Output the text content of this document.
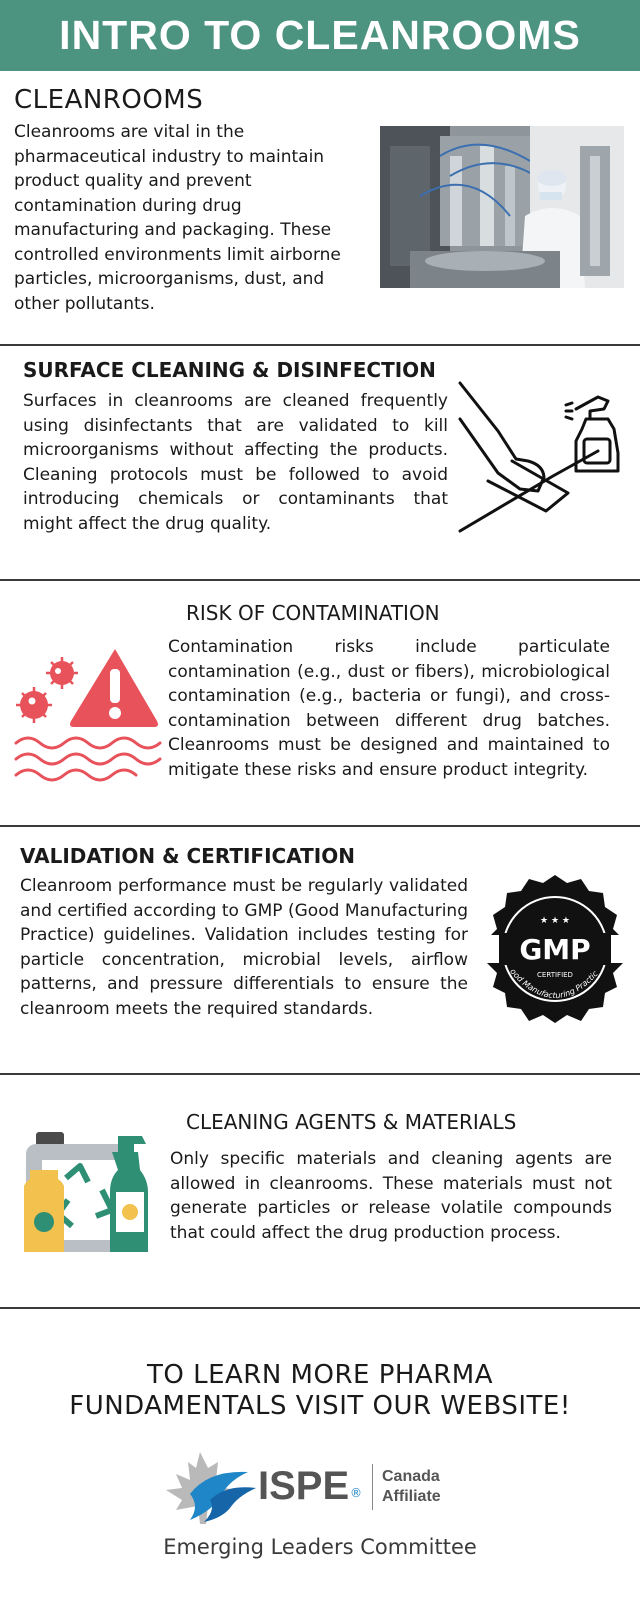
INTRO TO CLEANROOMS
CLEANROOMS

Cleanrooms are vital in the pharmaceutical industry to maintain product quality and prevent contamination during drug manufacturing and packaging. These controlled environments limit airborne particles, microorganisms, dust, and other pollutants.

SURFACE CLEANING & DISINFECTION

Surfaces in cleanrooms are cleaned frequently using disinfectants that are validated to kill microorganisms without affecting the products. Cleaning protocols must be followed to avoid introducing chemicals or contaminants that might affect the drug quality.

RISK OF CONTAMINATION

Contamination risks include particulate contamination (e.g., dust or fibers), microbiological contamination (e.g., bacteria or fungi), and cross-contamination between different drug batches. Cleanrooms must be designed and maintained to mitigate these risks and ensure product integrity.

VALIDATION & CERTIFICATION

Cleanroom performance must be regularly validated and certified according to GMP (Good Manufacturing Practice) guidelines. Validation includes testing for particle concentration, microbial levels, airflow patterns, and pressure differentials to ensure the cleanroom meets the required standards.

GMP
CERTIFIED
ood Manufacturing Practic
★ ★ ★
CLEANING AGENTS & MATERIALS

Only specific materials and cleaning agents are allowed in cleanrooms. These materials must not generate particles or release volatile compounds that could affect the drug production process.

TO LEARN MORE PHARMA

FUNDAMENTALS VISIT OUR WEBSITE!

ISPE ®
Canada
Affiliate

Emerging Leaders Committee
